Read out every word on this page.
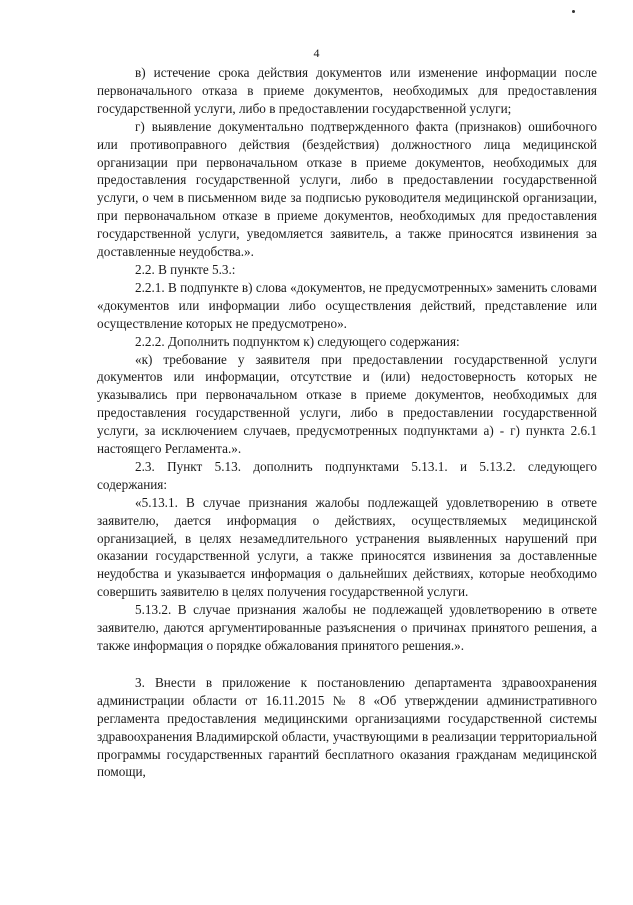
4

в) истечение срока действия документов или изменение информации после первоначального отказа в приеме документов, необходимых для предоставления государственной услуги, либо в предоставлении государственной услуги;

г) выявление документально подтвержденного факта (признаков) ошибочного или противоправного действия (бездействия) должностного лица медицинской организации при первоначальном отказе в приеме документов, необходимых для предоставления государственной услуги, либо в предоставлении государственной услуги, о чем в письменном виде за подписью руководителя медицинской организации, при первоначальном отказе в приеме документов, необходимых для предоставления государственной услуги, уведомляется заявитель, а также приносятся извинения за доставленные неудобства.».

2.2. В пункте 5.3.:

2.2.1. В подпункте в) слова «документов, не предусмотренных» заменить словами «документов или информации либо осуществления действий, представление или осуществление которых не предусмотрено».

2.2.2. Дополнить подпунктом к) следующего содержания:

«к) требование у заявителя при предоставлении государственной услуги документов или информации, отсутствие и (или) недостоверность которых не указывались при первоначальном отказе в приеме документов, необходимых для предоставления государственной услуги, либо в предоставлении государственной услуги, за исключением случаев, предусмотренных подпунктами а) - г) пункта 2.6.1 настоящего Регламента.».

2.3. Пункт 5.13. дополнить подпунктами 5.13.1. и 5.13.2. следующего содержания:

«5.13.1. В случае признания жалобы подлежащей удовлетворению в ответе заявителю, дается информация о действиях, осуществляемых медицинской организацией, в целях незамедлительного устранения выявленных нарушений при оказании государственной услуги, а также приносятся извинения за доставленные неудобства и указывается информация о дальнейших действиях, которые необходимо совершить заявителю в целях получения государственной услуги.

5.13.2. В случае признания жалобы не подлежащей удовлетворению в ответе заявителю, даются аргументированные разъяснения о причинах принятого решения, а также информация о порядке обжалования принятого решения.».

3. Внести в приложение к постановлению департамента здравоохранения администрации области от 16.11.2015 № 8 «Об утверждении административного регламента предоставления медицинскими организациями государственной системы здравоохранения Владимирской области, участвующими в реализации территориальной программы государственных гарантий бесплатного оказания гражданам медицинской помощи,
